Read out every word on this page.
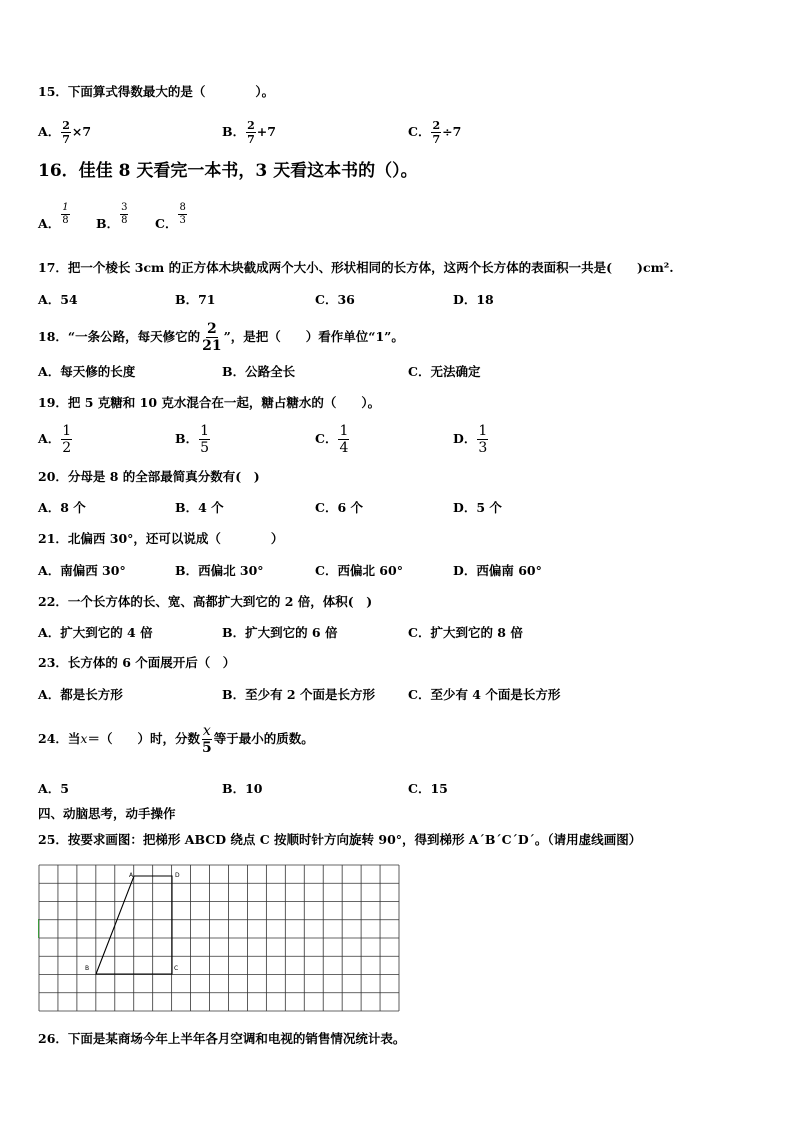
15．下面算式得数最大的是（　　　　）。
A． $\frac{2}{7} \times 7$	B． $\frac{2}{7} +7$	C． $\frac{2}{7} \div 7$
16．佳佳 8 天看完一本书，3 天看这本书的（）。
A． $\frac{1}{8}$ B． $\frac{3}{8}$ C． $\frac{8}{3}$
17．把一个棱长 3cm 的正方体木块截成两个大小、形状相同的长方体，这两个长方体的表面积一共是(　　)cm².
A．54	B．71	C．36	D．18
18．“一条公路，每天修它的 $\frac{2}{21}$ ”，是把（　　）看作单位“1”。
A．每天修的长度	B．公路全长	C．无法确定
19．把 5 克糖和 10 克水混合在一起，糖占糖水的（　　）。
A． $\frac{1}{2}$	B． $\frac{1}{5}$	C． $\frac{1}{4}$	D． $\frac{1}{3}$
20．分母是 8 的全部最简真分数有(　)
A．8 个	B．4 个	C．6 个	D．5 个
21．北偏西 30°，还可以说成（　　　　）
A．南偏西 30°	B．西偏北 30°	C．西偏北 60°	D．西偏南 60°
22．一个长方体的长、宽、高都扩大到它的 2 倍，体积(　)
A．扩大到它的 4 倍	B．扩大到它的 6 倍	C．扩大到它的 8 倍
23．长方体的 6 个面展开后（　）
A．都是长方形	B．至少有 2 个面是长方形	C．至少有 4 个面是长方形
24．当x＝（　　）时，分数 $\frac{x}{5}$ 等于最小的质数。
A．5	B．10	C．15
四、动脑思考，动手操作
25．按要求画图：把梯形 ABCD 绕点 C 按顺时针方向旋转 90°，得到梯形 A´B´C´D´。（请用虚线画图）
A	D
B	C
26．下面是某商场今年上半年各月空调和电视的销售情况统计表。
